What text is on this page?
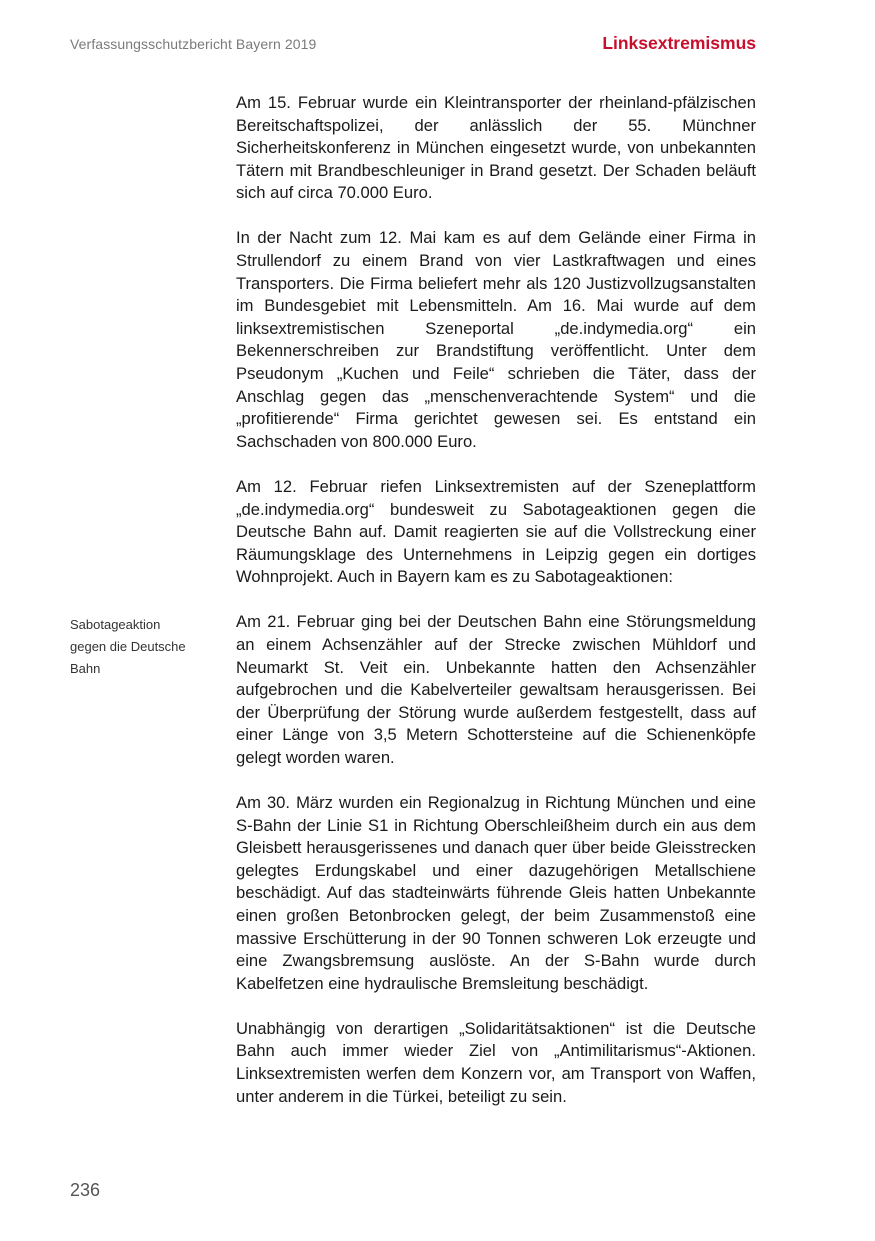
Verfassungsschutzbericht Bayern 2019	Linksextremismus
Sabotageaktion
gegen die Deutsche
Bahn

Am 15. Februar wurde ein Kleintransporter der rheinland-pfälzischen Bereitschaftspolizei, der anlässlich der 55. Münchner Sicherheitskonferenz in München eingesetzt wurde, von unbekannten Tätern mit Brandbeschleuniger in Brand gesetzt. Der Schaden beläuft sich auf circa 70.000 Euro.

In der Nacht zum 12. Mai kam es auf dem Gelände einer Firma in Strullendorf zu einem Brand von vier Lastkraftwagen und eines Transporters. Die Firma beliefert mehr als 120 Justizvollzugsanstalten im Bundesgebiet mit Lebensmitteln. Am 16. Mai wurde auf dem linksextremistischen Szeneportal „de.indymedia.org“ ein Bekennerschreiben zur Brandstiftung veröffentlicht. Unter dem Pseudonym „Kuchen und Feile“ schrieben die Täter, dass der Anschlag gegen das „menschenverachtende System“ und die „profitierende“ Firma gerichtet gewesen sei. Es entstand ein Sachschaden von 800.000 Euro.

Am 12. Februar riefen Linksextremisten auf der Szeneplattform „de.indymedia.org“ bundesweit zu Sabotageaktionen gegen die Deutsche Bahn auf. Damit reagierten sie auf die Vollstreckung einer Räumungsklage des Unternehmens in Leipzig gegen ein dortiges Wohnprojekt. Auch in Bayern kam es zu Sabotageaktionen:

Am 21. Februar ging bei der Deutschen Bahn eine Störungsmeldung an einem Achsenzähler auf der Strecke zwischen Mühldorf und Neumarkt St. Veit ein. Unbekannte hatten den Achsenzähler aufgebrochen und die Kabelverteiler gewaltsam herausgerissen. Bei der Überprüfung der Störung wurde außerdem festgestellt, dass auf einer Länge von 3,5 Metern Schottersteine auf die Schienenköpfe gelegt worden waren.

Am 30. März wurden ein Regionalzug in Richtung München und eine S-Bahn der Linie S1 in Richtung Oberschleißheim durch ein aus dem Gleisbett herausgerissenes und danach quer über beide Gleisstrecken gelegtes Erdungskabel und einer dazugehörigen Metallschiene beschädigt. Auf das stadteinwärts führende Gleis hatten Unbekannte einen großen Betonbrocken gelegt, der beim Zusammenstoß eine massive Erschütterung in der 90 Tonnen schweren Lok erzeugte und eine Zwangsbremsung auslöste. An der S-Bahn wurde durch Kabelfetzen eine hydraulische Bremsleitung beschädigt.

Unabhängig von derartigen „Solidaritätsaktionen“ ist die Deutsche Bahn auch immer wieder Ziel von „Antimilitarismus“-Aktionen. Linksextremisten werfen dem Konzern vor, am Transport von Waffen, unter anderem in die Türkei, beteiligt zu sein.

236
